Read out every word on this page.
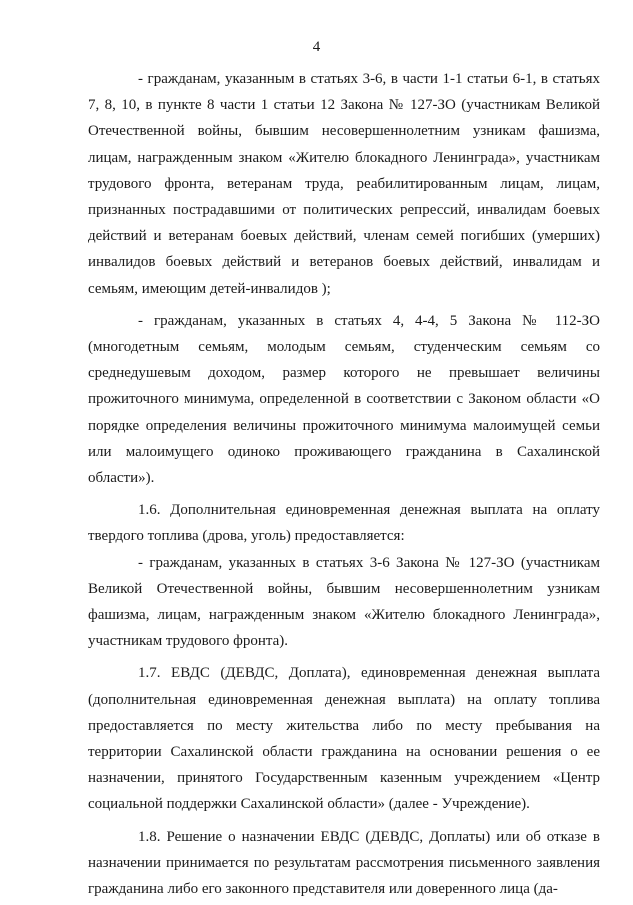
4

- гражданам, указанным в статьях 3-6, в части 1-1 статьи 6-1, в статьях 7, 8, 10, в пункте 8 части 1 статьи 12 Закона № 127-ЗО (участникам Великой Отечественной войны, бывшим несовершеннолетним узникам фашизма, лицам, награжденным знаком «Жителю блокадного Ленинграда», участникам трудового фронта, ветеранам труда, реабилитированным лицам, лицам, признанных пострадавшими от политических репрессий, инвалидам боевых действий и ветеранам боевых действий, членам семей погибших (умерших) инвалидов боевых действий и ветеранов боевых действий, инвалидам и семьям, имеющим детей-инвалидов );

- гражданам, указанных в статьях 4, 4-4, 5 Закона № 112-ЗО (многодетным семьям, молодым семьям, студенческим семьям со среднедушевым доходом, размер которого не превышает величины прожиточного минимума, определенной в соответствии с Законом области «О порядке определения величины прожиточного минимума малоимущей семьи или малоимущего одиноко проживающего гражданина в Сахалинской области»).

1.6. Дополнительная единовременная денежная выплата на оплату твердого топлива (дрова, уголь) предоставляется:

- гражданам, указанных в статьях 3-6 Закона № 127-ЗО (участникам Великой Отечественной войны, бывшим несовершеннолетним узникам фашизма, лицам, награжденным знаком «Жителю блокадного Ленинграда», участникам трудового фронта).

1.7. ЕВДС (ДЕВДС, Доплата), единовременная денежная выплата (дополнительная единовременная денежная выплата) на оплату топлива предоставляется по месту жительства либо по месту пребывания на территории Сахалинской области гражданина на основании решения о ее назначении, принятого Государственным казенным учреждением «Центр социальной поддержки Сахалинской области» (далее - Учреждение).

1.8. Решение о назначении ЕВДС (ДЕВДС, Доплаты) или об отказе в назначении принимается по результатам рассмотрения письменного заявления гражданина либо его законного представителя или доверенного лица (да-
